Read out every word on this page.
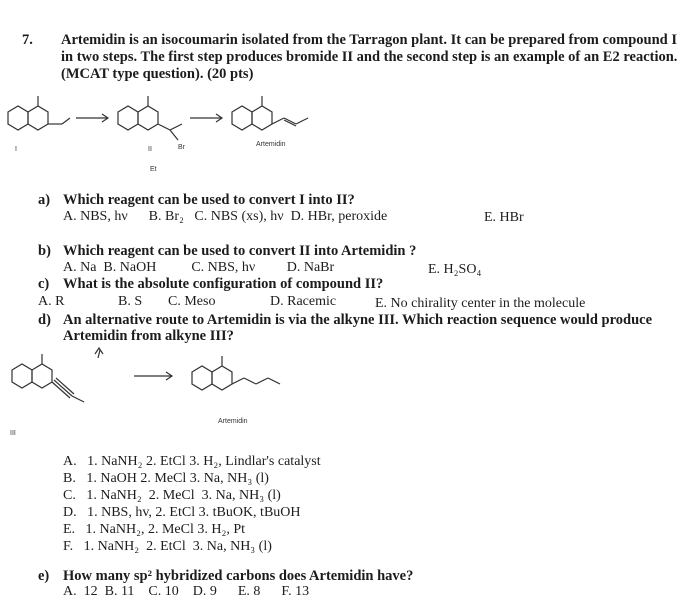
7. Artemidin is an isocoumarin isolated from the Tarragon plant. It can be prepared from compound I
in two steps. The first step produces bromide II and the second step is an example of an E2 reaction.
(MCAT type question). (20 pts)
I	II	Br	Artemidin
Et
a) Which reagent can be used to convert I into II?
A. NBS, hν      B. Br₂   C. NBS (xs), hν  D. HBr, peroxide	E. HBr
b) Which reagent can be used to convert II into Artemidin ?
A. Na  B. NaOH          C. NBS, hν         D. NaBr	E. H₂SO₄
c) What is the absolute configuration of compound II?
A. R	B. S C. Meso	D. Racemic	E. No chirality center in the molecule
d) An alternative route to Artemidin is via the alkyne III. Which reaction sequence would produce
Artemidin from alkyne III?
III
Artemidin
A.   1. NaNH₂ 2. EtCl 3. H₂, Lindlar's catalyst
B.   1. NaOH 2. MeCl 3. Na, NH₃ (l)
C.   1. NaNH₂  2. MeCl  3. Na, NH₃ (l)
D.   1. NBS, hv, 2. EtCl 3. tBuOK, tBuOH
E.   1. NaNH₂, 2. MeCl 3. H₂, Pt
F.   1. NaNH₂  2. EtCl  3. Na, NH₃ (l)
e) How many sp² hybridized carbons does Artemidin have?
A.  12  B. 11    C. 10    D. 9      E. 8      F. 13
